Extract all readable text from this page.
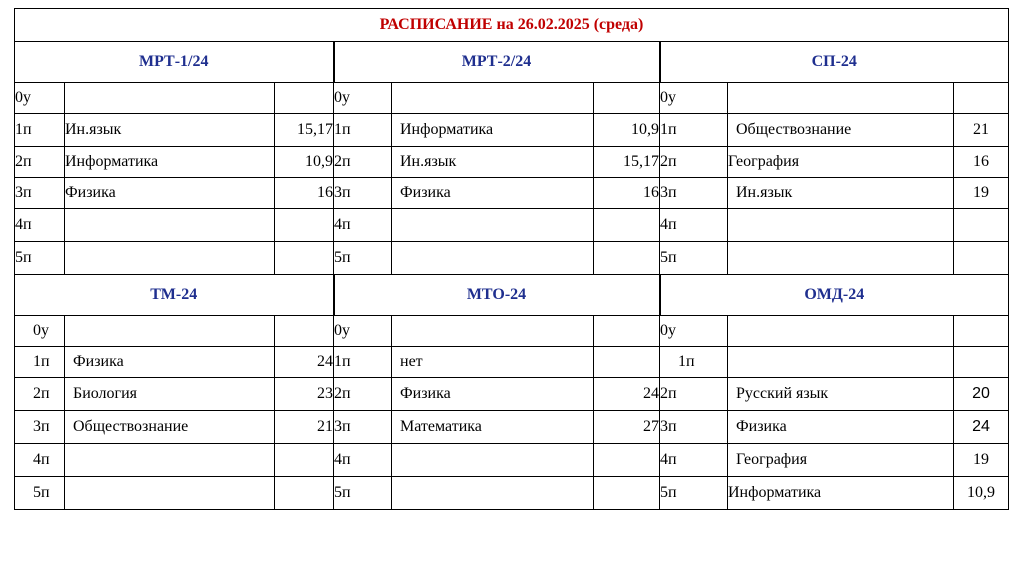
РАСПИСАНИЕ на 26.02.2025 (среда)								
МРТ-1/24			МРТ-2/24			СП-24		
0у			0у			0у		
1п	Ин.язык	15,17	1п	Информатика	10,9	1п	Обществознание	21
2п	Информатика	10,9	2п	Ин.язык	15,17	2п	География	16
3п	Физика	16	3п	Физика	16	3п	Ин.язык	19
4п			4п			4п		
5п			5п			5п		
ТМ-24			МТО-24			ОМД-24		
0у			0у			0у		
1п	Физика	24	1п	нет		1п		
2п	Биология	23	2п	Физика	24	2п	Русский язык	20
3п	Обществознание	21	3п	Математика	27	3п	Физика	24
4п			4п			4п	География	19
5п			5п			5п	Информатика	10,9
